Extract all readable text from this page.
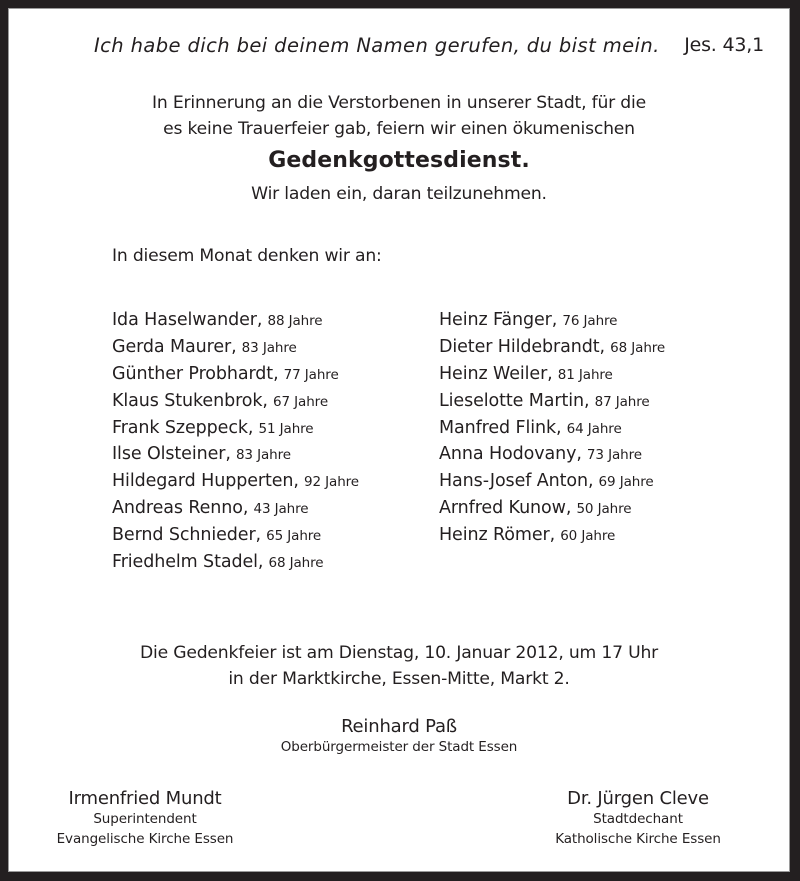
Ich habe dich bei deinem Namen gerufen, du bist mein. Jes. 43,1
In Erinnerung an die Verstorbenen in unserer Stadt, für die
es keine Trauerfeier gab, feiern wir einen ökumenischen
Gedenkgottesdienst.
Wir laden ein, daran teilzunehmen.
In diesem Monat denken wir an:
Ida Haselwander, 88 Jahre
Gerda Maurer, 83 Jahre
Günther Probhardt, 77 Jahre
Klaus Stukenbrok, 67 Jahre
Frank Szeppeck, 51 Jahre
Ilse Olsteiner, 83 Jahre
Hildegard Hupperten, 92 Jahre
Andreas Renno, 43 Jahre
Bernd Schnieder, 65 Jahre
Friedhelm Stadel, 68 Jahre
Heinz Fänger, 76 Jahre
Dieter Hildebrandt, 68 Jahre
Heinz Weiler, 81 Jahre
Lieselotte Martin, 87 Jahre
Manfred Flink, 64 Jahre
Anna Hodovany, 73 Jahre
Hans-Josef Anton, 69 Jahre
Arnfred Kunow, 50 Jahre
Heinz Römer, 60 Jahre
Die Gedenkfeier ist am Dienstag, 10. Januar 2012, um 17 Uhr
in der Marktkirche, Essen-Mitte, Markt 2.
Reinhard Paß
Oberbürgermeister der Stadt Essen
Irmenfried Mundt
Superintendent
Evangelische Kirche Essen
Dr. Jürgen Cleve
Stadtdechant
Katholische Kirche Essen
